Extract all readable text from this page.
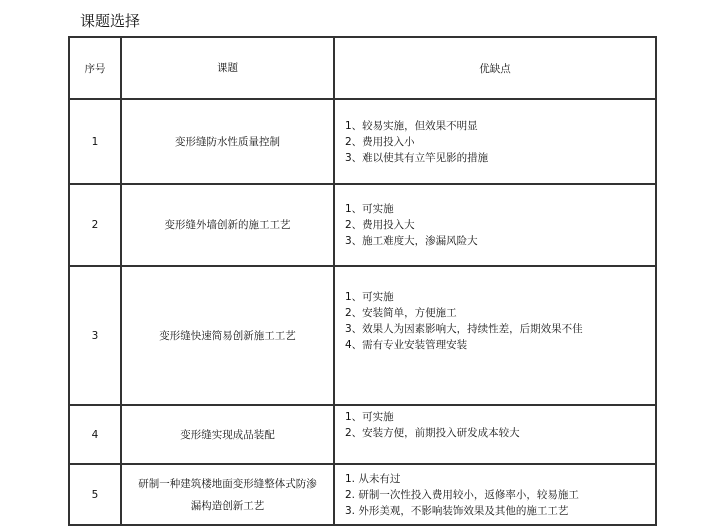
课题选择
序号	课题	优缺点
1	变形缝防水性质量控制	1、较易实施，但效果不明显
2、费用投入小
3、难以使其有立竿见影的措施

2	变形缝外墙创新的施工工艺	1、可实施
2、费用投入大
3、施工难度大，渗漏风险大

3	变形缝快速简易创新施工工艺	1、可实施
2、安装简单，方便施工
3、效果人为因素影响大，持续性差，后期效果不佳
4、需有专业安装管理安装

4	变形缝实现成品装配	1、可实施
2、安装方便，前期投入研发成本较大

5	研制一种建筑楼地面变形缝整体式防渗漏构造创新工艺	1. 从未有过
2. 研制一次性投入费用较小，返修率小，较易施工
3. 外形美观，不影响装饰效果及其他的施工工艺
